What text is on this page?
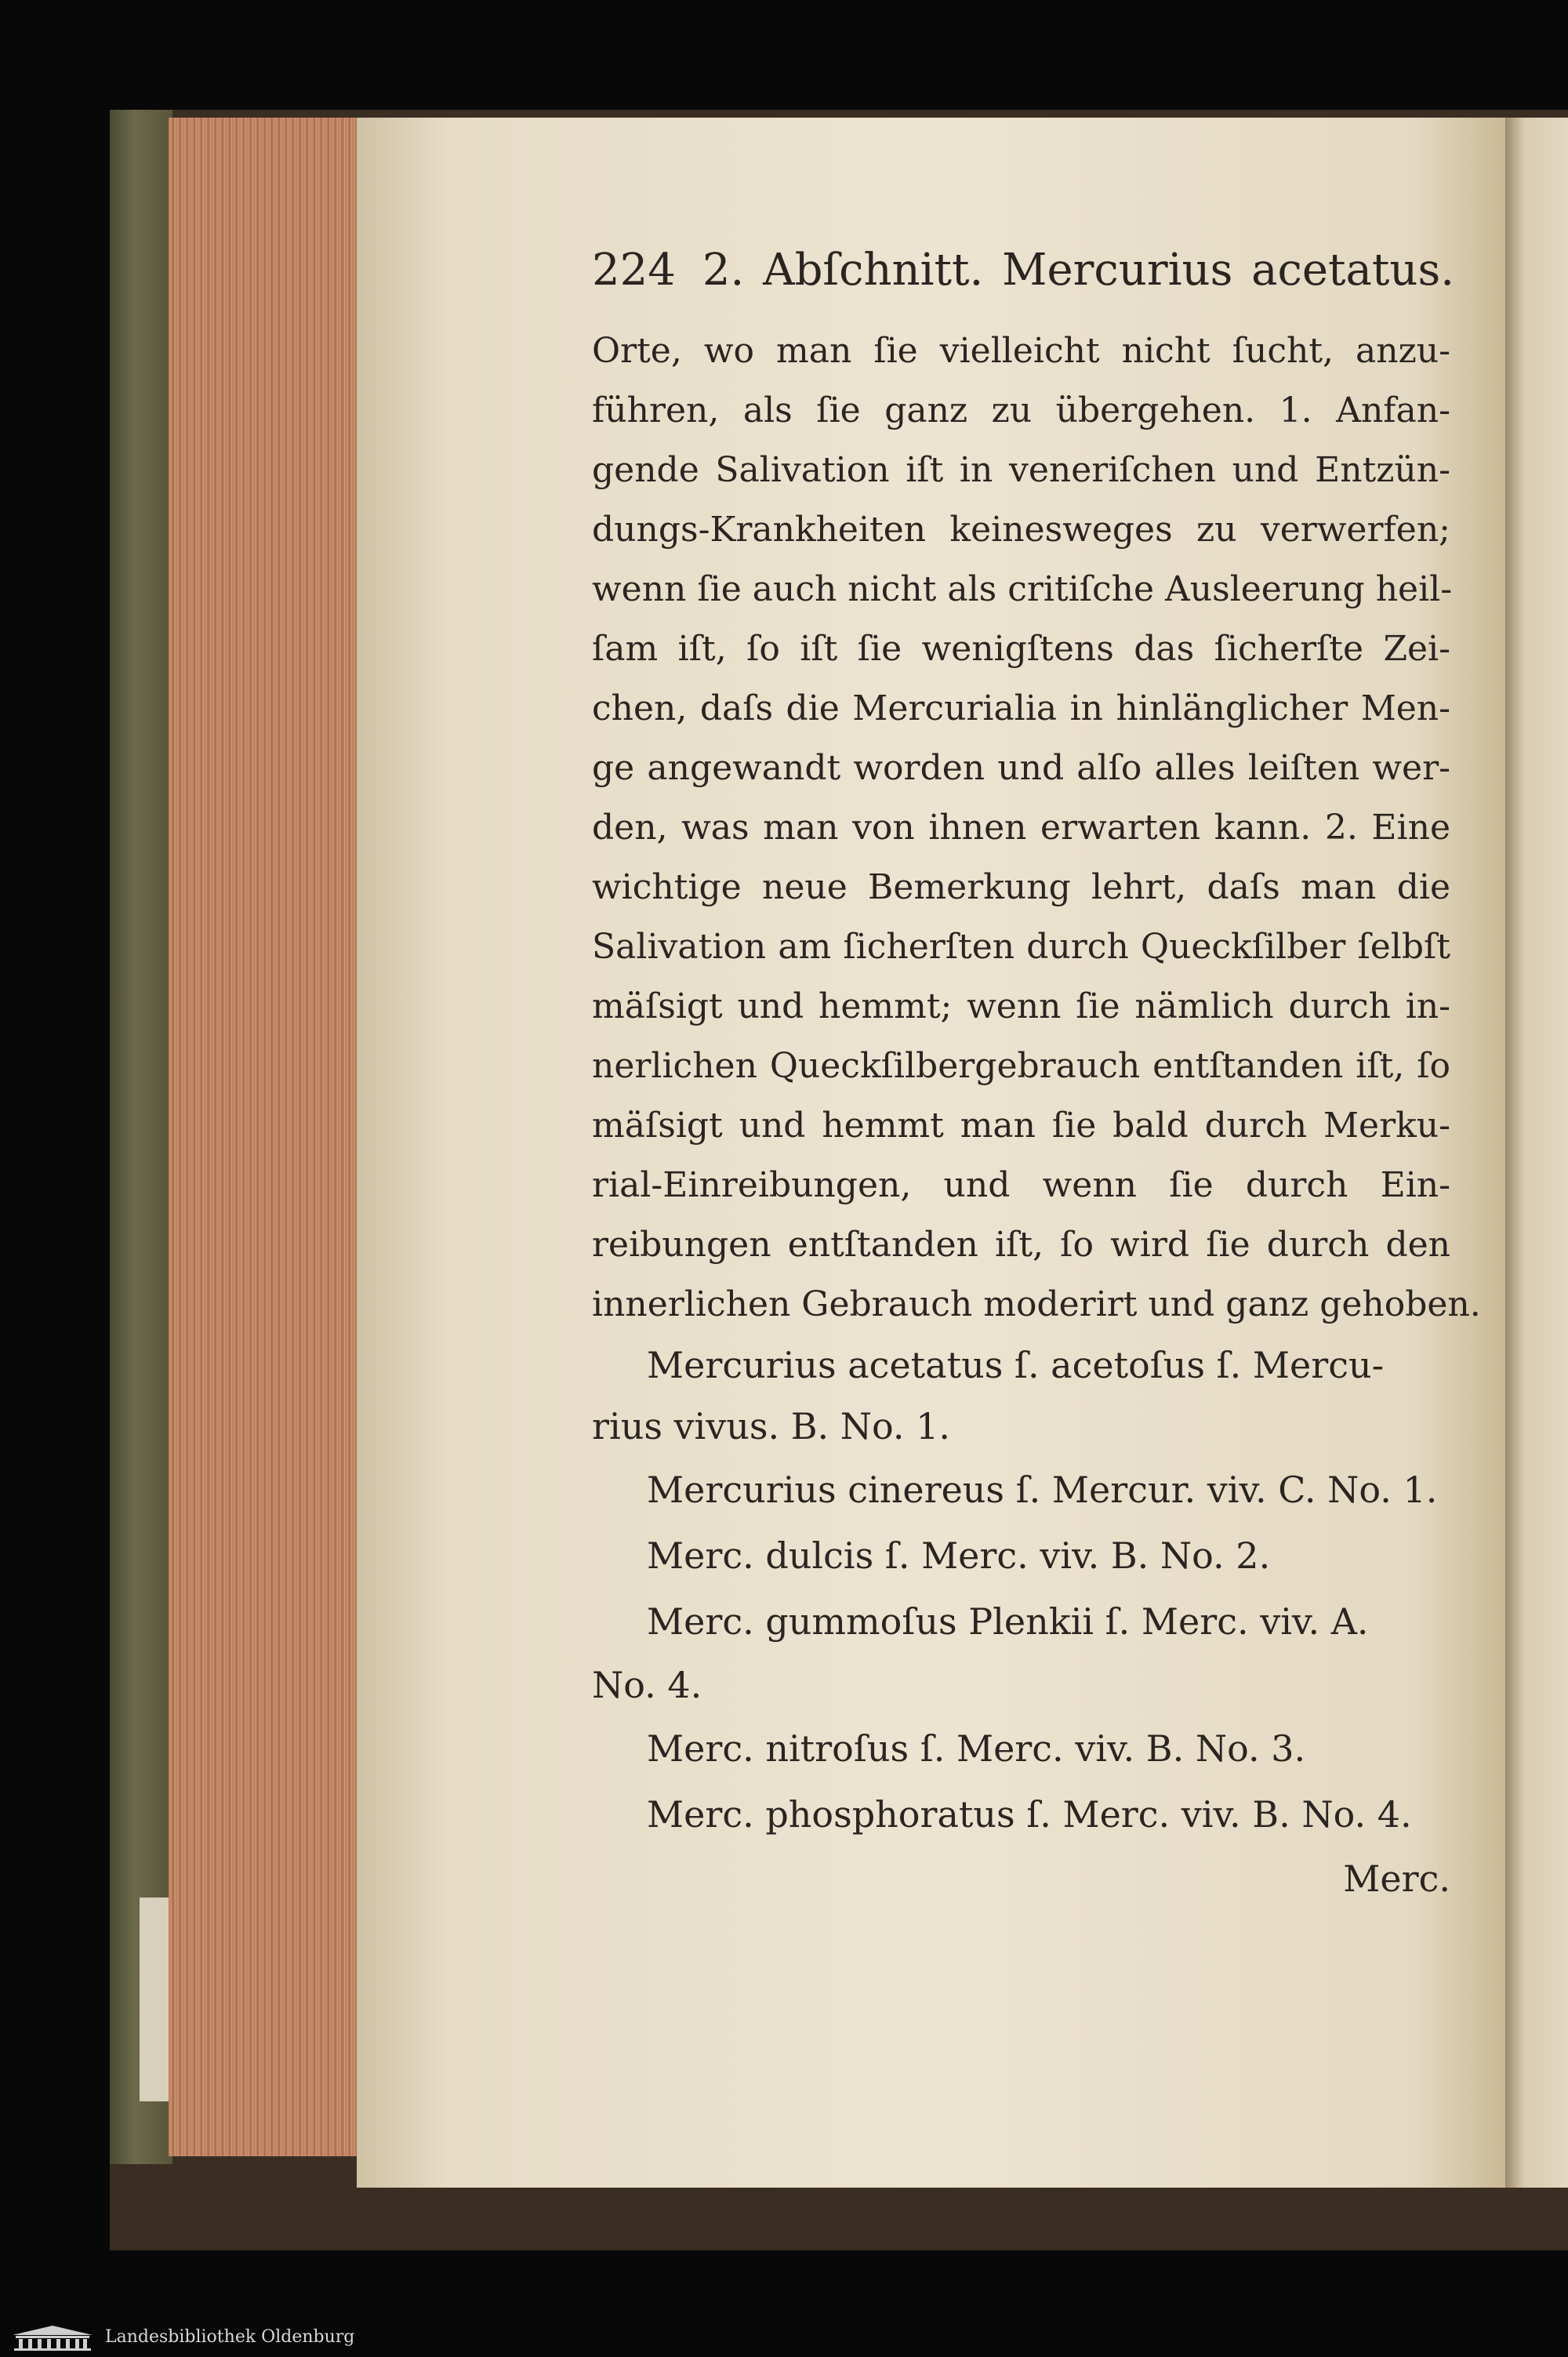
224 2. Abſchnitt. Mercurius acetatus.
Orte, wo man ſie vielleicht nicht ſucht, anzu-
führen, als ſie ganz zu übergehen. 1. Anfan-
gende Salivation iſt in veneriſchen und Entzün-
dungs-Krankheiten keinesweges zu verwerfen;
wenn ſie auch nicht als critiſche Ausleerung heil-
ſam iſt, ſo iſt ſie wenigſtens das ſicherſte Zei-
chen, daſs die Mercurialia in hinlänglicher Men-
ge angewandt worden und alſo alles leiſten wer-
den, was man von ihnen erwarten kann. 2. Eine
wichtige neue Bemerkung lehrt, daſs man die
Salivation am ſicherſten durch Queckſilber ſelbſt
mäſsigt und hemmt; wenn ſie nämlich durch in-
nerlichen Queckſilbergebrauch entſtanden iſt, ſo
mäſsigt und hemmt man ſie bald durch Merku-
rial-Einreibungen, und wenn ſie durch Ein-
reibungen entſtanden iſt, ſo wird ſie durch den
innerlichen Gebrauch moderirt und ganz gehoben.
Mercurius acetatus ſ. acetoſus ſ. Mercu-
rius vivus. B. No. 1.
Mercurius cinereus ſ. Mercur. viv. C. No. 1.
Merc. dulcis ſ. Merc. viv. B. No. 2.
Merc. gummoſus Plenkii ſ. Merc. viv. A.
No. 4.
Merc. nitroſus ſ. Merc. viv. B. No. 3.
Merc. phosphoratus ſ. Merc. viv. B. No. 4.
Merc.
Landesbibliothek Oldenburg
